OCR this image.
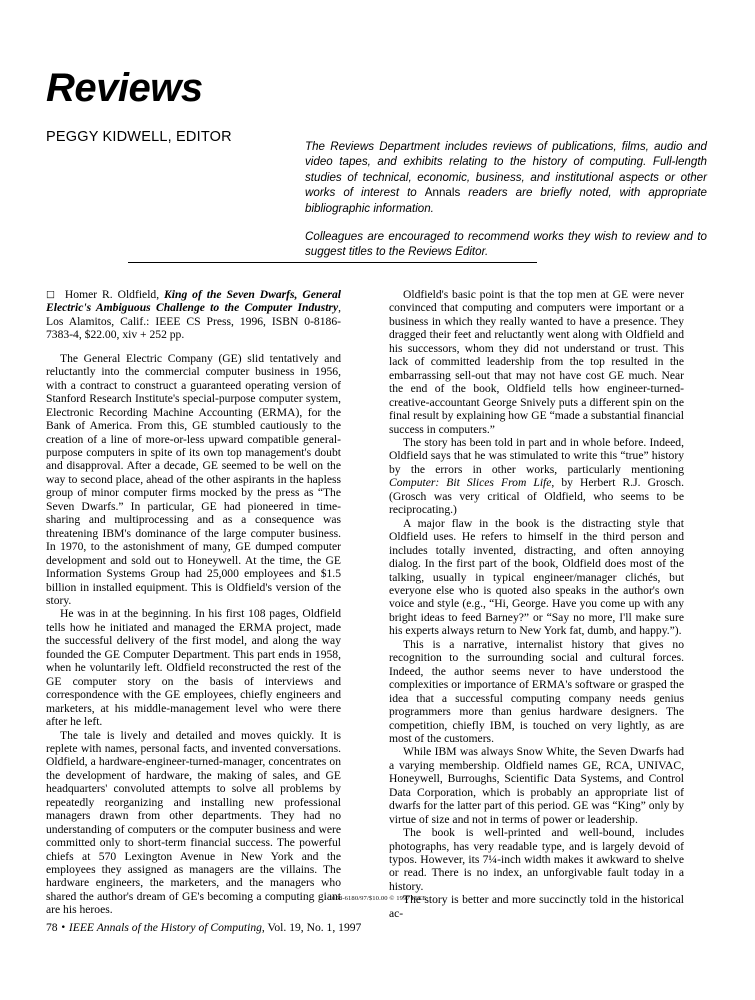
Reviews
PEGGY KIDWELL, EDITOR

The Reviews Department includes reviews of publications, films, audio and video tapes, and exhibits relating to the history of computing. Full-length studies of technical, economic, business, and institutional aspects or other works of interest to Annals readers are briefly noted, with appropriate bibliographic information.

Colleagues are encouraged to recommend works they wish to review and to suggest titles to the Reviews Editor.

□ Homer R. Oldfield, King of the Seven Dwarfs, General Electric's Ambiguous Challenge to the Computer Industry, Los Alamitos, Calif.: IEEE CS Press, 1996, ISBN 0-8186-7383-4, $22.00, xiv + 252 pp.

The General Electric Company (GE) slid tentatively and reluctantly into the commercial computer business in 1956, with a contract to construct a guaranteed operating version of Stanford Research Institute's special-purpose computer system, Electronic Recording Machine Accounting (ERMA), for the Bank of America. From this, GE stumbled cautiously to the creation of a line of more-or-less upward compatible general-purpose computers in spite of its own top management's doubt and disapproval. After a decade, GE seemed to be well on the way to second place, ahead of the other aspirants in the hapless group of minor computer firms mocked by the press as “The Seven Dwarfs.” In particular, GE had pioneered in time-sharing and multiprocessing and as a consequence was threatening IBM's dominance of the large computer business. In 1970, to the astonishment of many, GE dumped computer development and sold out to Honeywell. At the time, the GE Information Systems Group had 25,000 employees and $1.5 billion in installed equipment. This is Oldfield's version of the story.

He was in at the beginning. In his first 108 pages, Oldfield tells how he initiated and managed the ERMA project, made the successful delivery of the first model, and along the way founded the GE Computer Department. This part ends in 1958, when he voluntarily left. Oldfield reconstructed the rest of the GE computer story on the basis of interviews and correspondence with the GE employees, chiefly engineers and marketers, at his middle-management level who were there after he left.

The tale is lively and detailed and moves quickly. It is replete with names, personal facts, and invented conversations. Oldfield, a hardware-engineer-turned-manager, concentrates on the development of hardware, the making of sales, and GE headquarters' convoluted attempts to solve all problems by repeatedly reorganizing and installing new professional managers drawn from other departments. They had no understanding of computers or the computer business and were committed only to short-term financial success. The powerful chiefs at 570 Lexington Avenue in New York and the employees they assigned as managers are the villains. The hardware engineers, the marketers, and the managers who shared the author's dream of GE's becoming a computing giant are his heroes.

Oldfield's basic point is that the top men at GE were never convinced that computing and computers were important or a business in which they really wanted to have a presence. They dragged their feet and reluctantly went along with Oldfield and his successors, whom they did not understand or trust. This lack of committed leadership from the top resulted in the embarrassing sell-out that may not have cost GE much. Near the end of the book, Oldfield tells how engineer-turned-creative-accountant George Snively puts a different spin on the final result by explaining how GE “made a substantial financial success in computers.”

The story has been told in part and in whole before. Indeed, Oldfield says that he was stimulated to write this “true” history by the errors in other works, particularly mentioning Computer: Bit Slices From Life, by Herbert R.J. Grosch. (Grosch was very critical of Oldfield, who seems to be reciprocating.)

A major flaw in the book is the distracting style that Oldfield uses. He refers to himself in the third person and includes totally invented, distracting, and often annoying dialog. In the first part of the book, Oldfield does most of the talking, usually in typical engineer/manager clichés, but everyone else who is quoted also speaks in the author's own voice and style (e.g., “Hi, George. Have you come up with any bright ideas to feed Barney?” or “Say no more, I'll make sure his experts always return to New York fat, dumb, and happy.”).

This is a narrative, internalist history that gives no recognition to the surrounding social and cultural forces. Indeed, the author seems never to have understood the complexities or importance of ERMA's software or grasped the idea that a successful computing company needs genius programmers more than genius hardware designers. The competition, chiefly IBM, is touched on very lightly, as are most of the customers.

While IBM was always Snow White, the Seven Dwarfs had a varying membership. Oldfield names GE, RCA, UNIVAC, Honeywell, Burroughs, Scientific Data Systems, and Control Data Corporation, which is probably an appropriate list of dwarfs for the latter part of this period. GE was “King” only by virtue of size and not in terms of power or leadership.

The book is well-printed and well-bound, includes photographs, has very readable type, and is largely devoid of typos. However, its 7¼-inch width makes it awkward to shelve or read. There is no index, an unforgivable fault today in a history.

The story is better and more succinctly told in the historical ac-

1058-6180/97/$10.00 © 1997 IEEE
78 • IEEE Annals of the History of Computing, Vol. 19, No. 1, 1997
